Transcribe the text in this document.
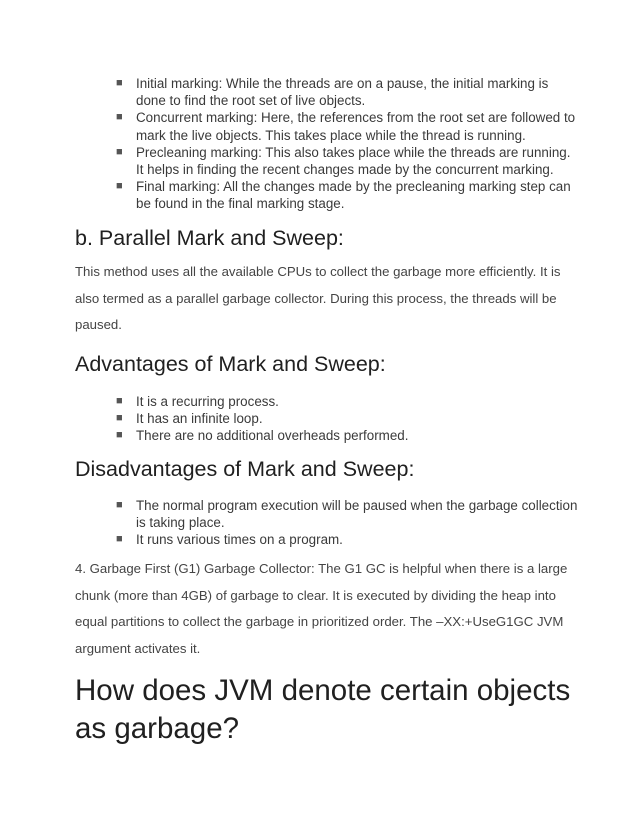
■ Initial marking: While the threads are on a pause, the initial marking is done to find the root set of live objects.
■ Concurrent marking: Here, the references from the root set are followed to mark the live objects. This takes place while the thread is running.
■ Precleaning marking: This also takes place while the threads are running. It helps in finding the recent changes made by the concurrent marking.
■ Final marking: All the changes made by the precleaning marking step can be found in the final marking stage.
b. Parallel Mark and Sweep:

This method uses all the available CPUs to collect the garbage more efficiently. It is also termed as a parallel garbage collector. During this process, the threads will be paused.

Advantages of Mark and Sweep:
■ It is a recurring process.
■ It has an infinite loop.
■ There are no additional overheads performed.
Disadvantages of Mark and Sweep:
■ The normal program execution will be paused when the garbage collection is taking place.
■ It runs various times on a program.

4. Garbage First (G1) Garbage Collector: The G1 GC is helpful when there is a large chunk (more than 4GB) of garbage to clear. It is executed by dividing the heap into equal partitions to collect the garbage in prioritized order. The –XX:+UseG1GC JVM argument activates it.

How does JVM denote certain objects as garbage?
